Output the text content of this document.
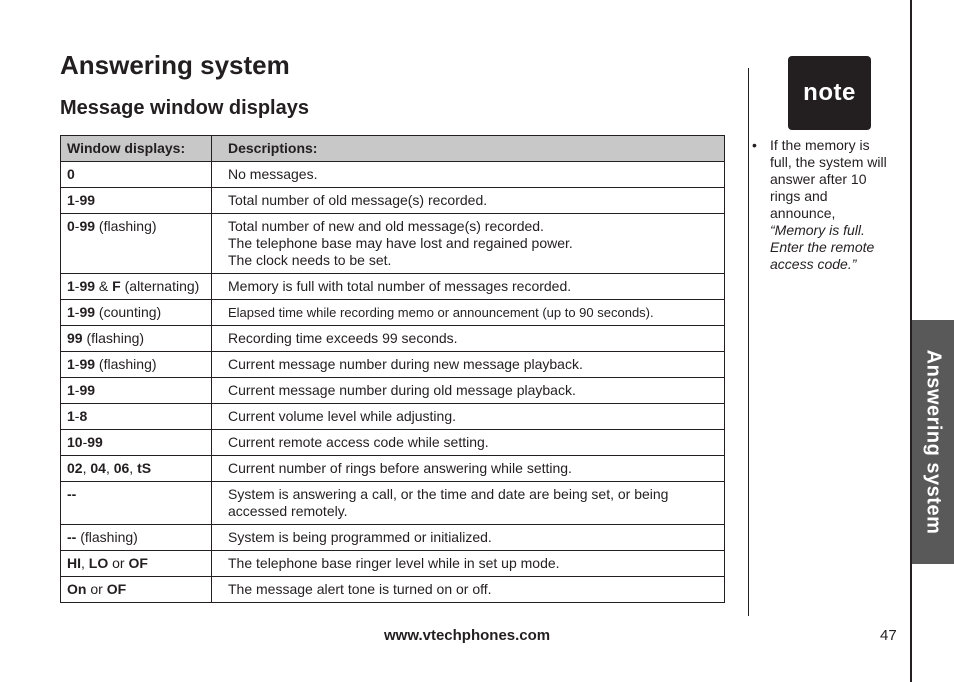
Answering system
Message window displays
Window displays:	Descriptions:
0	No messages.

1-99	Total number of old message(s) recorded.

0-99 (flashing)	Total number of new and old message(s) recorded.
The telephone base may have lost and regained power.
The clock needs to be set.

1-99 & F (alternating)	Memory is full with total number of messages recorded.

1-99 (counting)	Elapsed time while recording memo or announcement (up to 90 seconds).

99 (flashing)	Recording time exceeds 99 seconds.

1-99 (flashing)	Current message number during new message playback.

1-99	Current message number during old message playback.

1-8	Current volume level while adjusting.

10-99	Current remote access code while setting.

02, 04, 06, tS	Current number of rings before answering while setting.

--	System is answering a call, or the time and date are being set, or being accessed remotely.

-- (flashing)	System is being programmed or initialized.

HI, LO or OF	The telephone base ringer level while in set up mode.

On or OF	The message alert tone is turned on or off.
note
• If the memory is full, the system will answer after 10 rings and announce, “Memory is full. Enter the remote access code.”
Answering system
www.vtechphones.com	47
